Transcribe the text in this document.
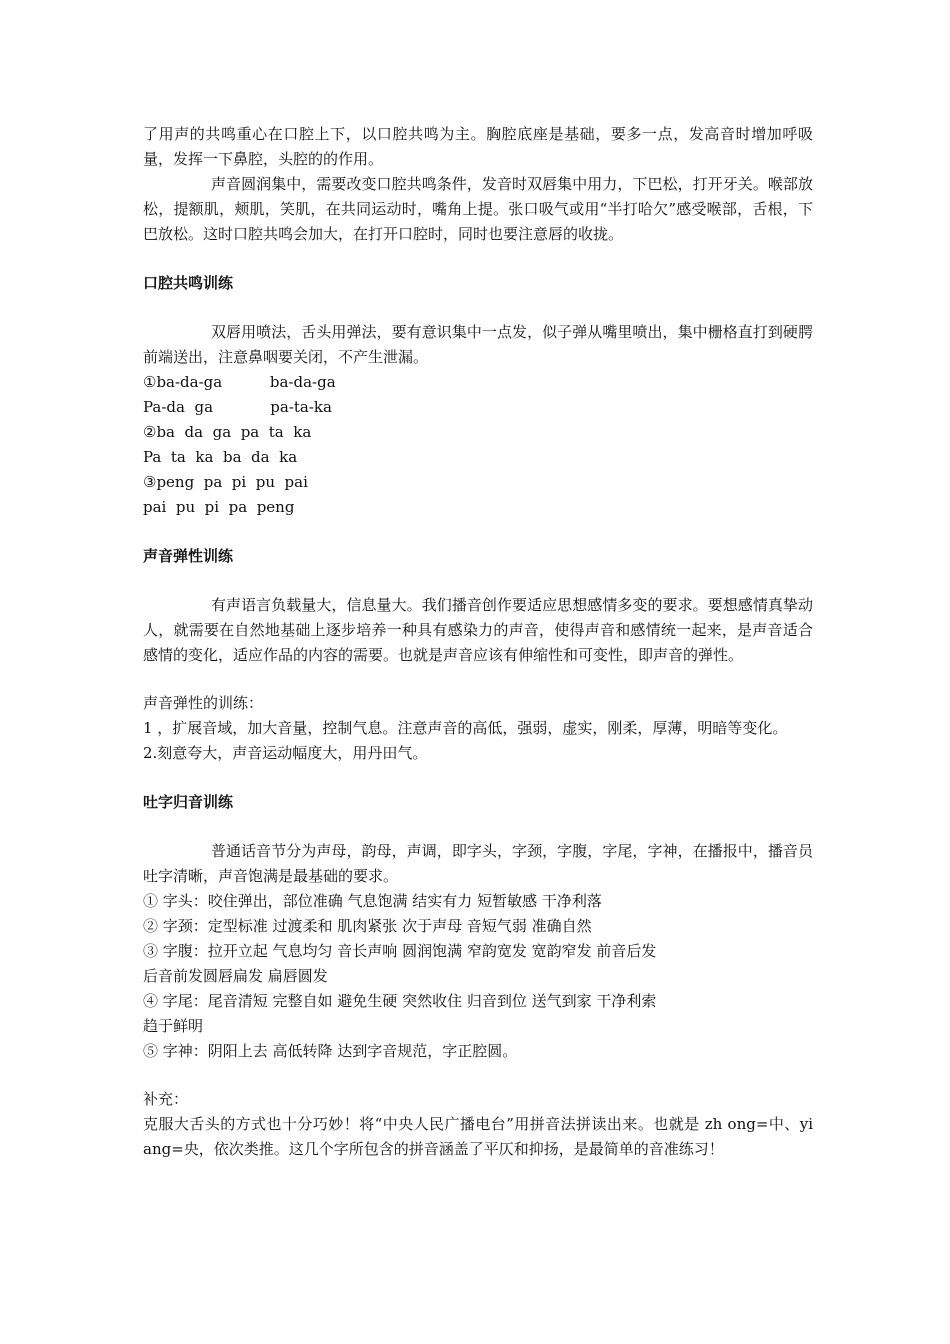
了用声的共鸣重心在口腔上下，以口腔共鸣为主。胸腔底座是基础，要多一点，发高音时增加呼吸量，发挥一下鼻腔，头腔的的作用。

声音圆润集中，需要改变口腔共鸣条件，发音时双唇集中用力，下巴松，打开牙关。喉部放松，提额肌，颊肌，笑肌，在共同运动时，嘴角上提。张口吸气或用“半打哈欠”感受喉部，舌根，下巴放松。这时口腔共鸣会加大，在打开口腔时，同时也要注意唇的收拢。

口腔共鸣训练

双唇用喷法，舌头用弹法，要有意识集中一点发，似子弹从嘴里喷出，集中栅格直打到硬腭前端送出，注意鼻咽要关闭，不产生泄漏。

①ba-da-ga          ba-da-ga

Pa-da  ga            pa-ta-ka

②ba  da  ga  pa  ta  ka

Pa  ta  ka  ba  da  ka

③peng  pa  pi  pu  pai

pai  pu  pi  pa  peng

声音弹性训练

有声语言负载量大，信息量大。我们播音创作要适应思想感情多变的要求。要想感情真挚动人，就需要在自然地基础上逐步培养一种具有感染力的声音，使得声音和感情统一起来，是声音适合感情的变化，适应作品的内容的需要。也就是声音应该有伸缩性和可变性，即声音的弹性。

声音弹性的训练：

1 ，扩展音域，加大音量，控制气息。注意声音的高低，强弱，虚实，刚柔，厚薄，明暗等变化。

2.刻意夸大，声音运动幅度大，用丹田气。

吐字归音训练

普通话音节分为声母，韵母，声调，即字头，字颈，字腹，字尾，字神，在播报中，播音员吐字清晰，声音饱满是最基础的要求。

① 字头：咬住弹出，部位准确 气息饱满 结实有力 短暂敏感 干净利落

② 字颈：定型标准 过渡柔和 肌肉紧张 次于声母 音短气弱 准确自然

③ 字腹：拉开立起 气息均匀 音长声响 圆润饱满 窄韵宽发 宽韵窄发 前音后发

后音前发圆唇扁发 扁唇圆发

④ 字尾：尾音清短 完整自如 避免生硬 突然收住 归音到位 送气到家 干净利索

趋于鲜明

⑤ 字神：阴阳上去 高低转降 达到字音规范，字正腔圆。

补充：

克服大舌头的方式也十分巧妙！将“中央人民广播电台”用拼音法拼读出来。也就是 zh ong=中、yi ang=央，依次类推。这几个字所包含的拼音涵盖了平仄和抑扬，是最简单的音准练习！
